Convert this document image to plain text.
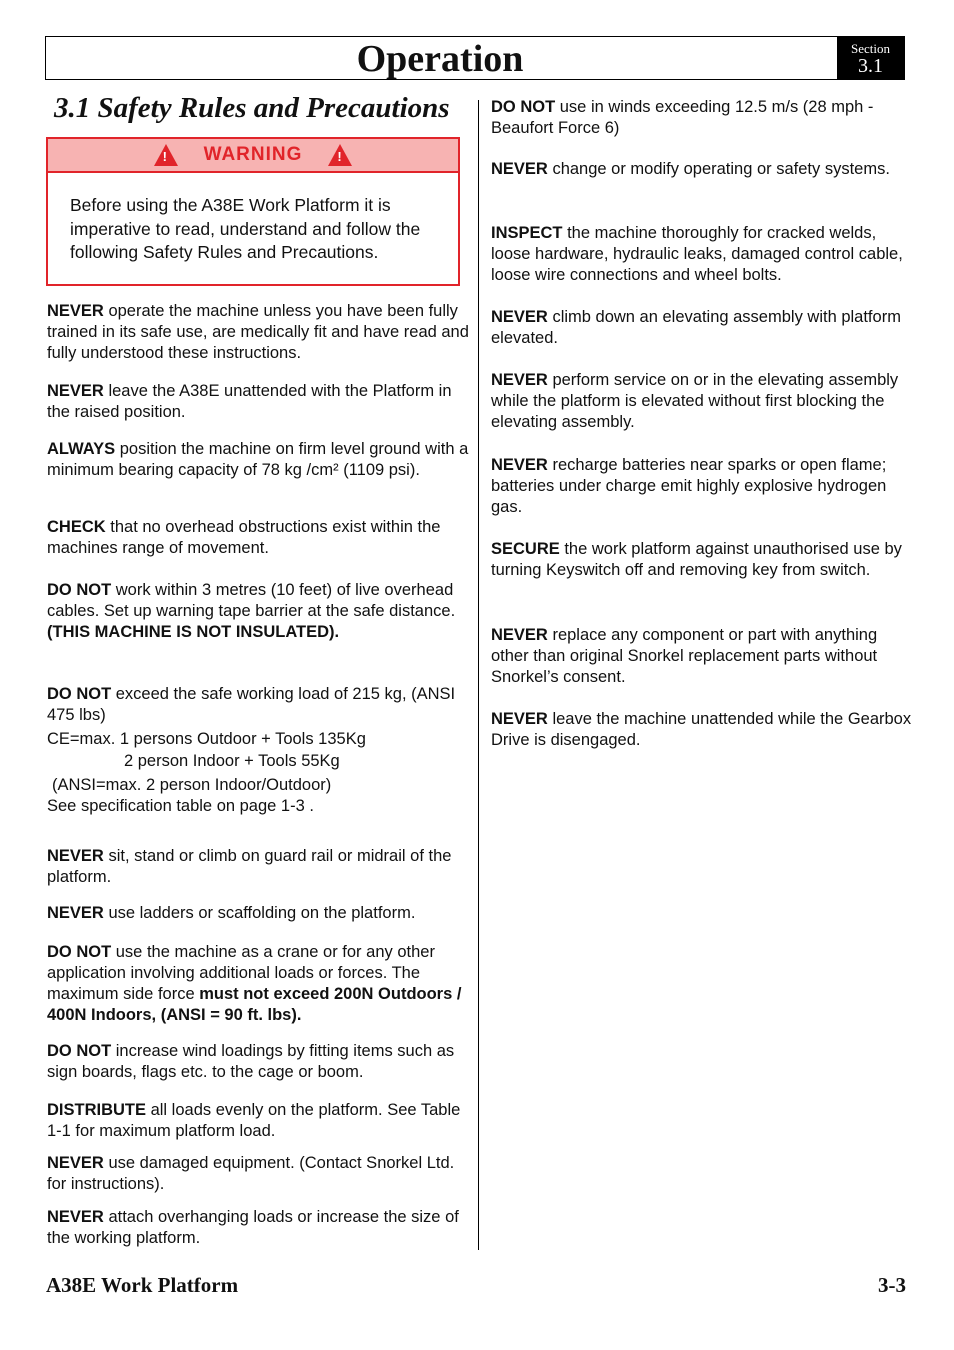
Operation	Section
3.1
3.1 Safety Rules and Precautions
! WARNING	!
Before using the A38E Work Platform it is imperative to read, understand and follow the following Safety Rules and Precautions.

NEVER operate the machine unless you have been fully trained in its safe use, are medically fit and have read and fully understood these instructions.

NEVER leave the A38E unattended with the Platform in the raised position.

ALWAYS position the machine on firm level ground with a minimum bearing capacity of 78 kg /cm² (1109 psi).

CHECK that no overhead obstructions exist within the machines range of movement.

DO NOT work within 3 metres (10 feet) of live overhead cables. Set up warning tape barrier at the safe distance.
(THIS MACHINE IS NOT INSULATED).

DO NOT exceed the safe working load of 215 kg, (ANSI 475 lbs)

CE=max. 1 persons Outdoor + Tools 135Kg

2 person Indoor + Tools 55Kg

(ANSI=max. 2 person Indoor/Outdoor)

See specification table on page 1-3 .

NEVER sit, stand or climb on guard rail or midrail of the platform.

NEVER use ladders or scaffolding on the platform.

DO NOT use the machine as a crane or for any other application involving additional loads or forces. The maximum side force must not exceed 200N Outdoors / 400N Indoors, (ANSI = 90 ft. lbs).

DO NOT increase wind loadings by fitting items such as sign boards, flags etc. to the cage or boom.

DISTRIBUTE all loads evenly on the platform. See Table 1-1 for maximum platform load.

NEVER use damaged equipment. (Contact Snorkel Ltd. for instructions).

NEVER attach overhanging loads or increase the size of the working platform.

DO NOT use in winds exceeding 12.5 m/s (28 mph - Beaufort Force 6)

NEVER change or modify operating or safety systems.

INSPECT the machine thoroughly for cracked welds, loose hardware, hydraulic leaks, damaged control cable, loose wire connections and wheel bolts.

NEVER climb down an elevating assembly with platform elevated.

NEVER perform service on or in the elevating assembly while the platform is elevated without first blocking the elevating assembly.

NEVER recharge batteries near sparks or open flame; batteries under charge emit highly explosive hydrogen gas.

SECURE the work platform against unauthorised use by turning Keyswitch off and removing key from switch.

NEVER replace any component or part with anything other than original Snorkel replacement parts without Snorkel’s consent.

NEVER leave the machine unattended while the Gearbox Drive is disengaged.

A38E Work Platform	3-3
